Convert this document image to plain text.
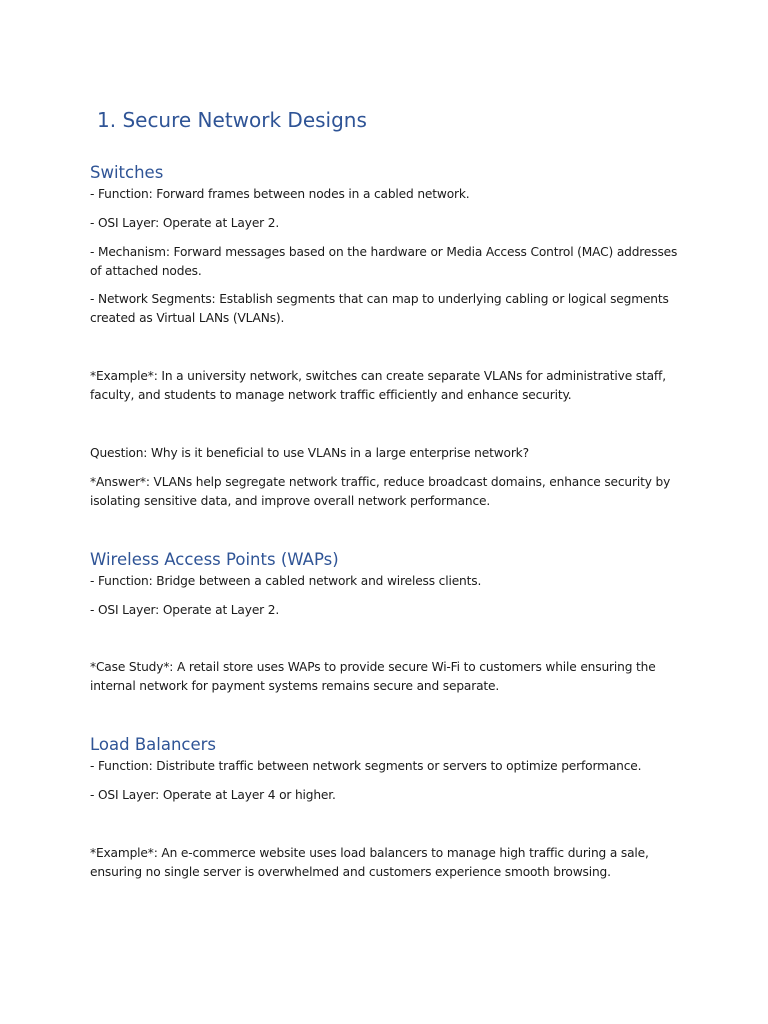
1. Secure Network Designs
Switches

- Function: Forward frames between nodes in a cabled network.

- OSI Layer: Operate at Layer 2.

- Mechanism: Forward messages based on the hardware or Media Access Control (MAC) addresses of attached nodes.

- Network Segments: Establish segments that can map to underlying cabling or logical segments created as Virtual LANs (VLANs).

*Example*: In a university network, switches can create separate VLANs for administrative staff, faculty, and students to manage network traffic efficiently and enhance security.

Question: Why is it beneficial to use VLANs in a large enterprise network?

*Answer*: VLANs help segregate network traffic, reduce broadcast domains, enhance security by isolating sensitive data, and improve overall network performance.

Wireless Access Points (WAPs)

- Function: Bridge between a cabled network and wireless clients.

- OSI Layer: Operate at Layer 2.

*Case Study*: A retail store uses WAPs to provide secure Wi-Fi to customers while ensuring the internal network for payment systems remains secure and separate.

Load Balancers

- Function: Distribute traffic between network segments or servers to optimize performance.

- OSI Layer: Operate at Layer 4 or higher.

*Example*: An e-commerce website uses load balancers to manage high traffic during a sale, ensuring no single server is overwhelmed and customers experience smooth browsing.
